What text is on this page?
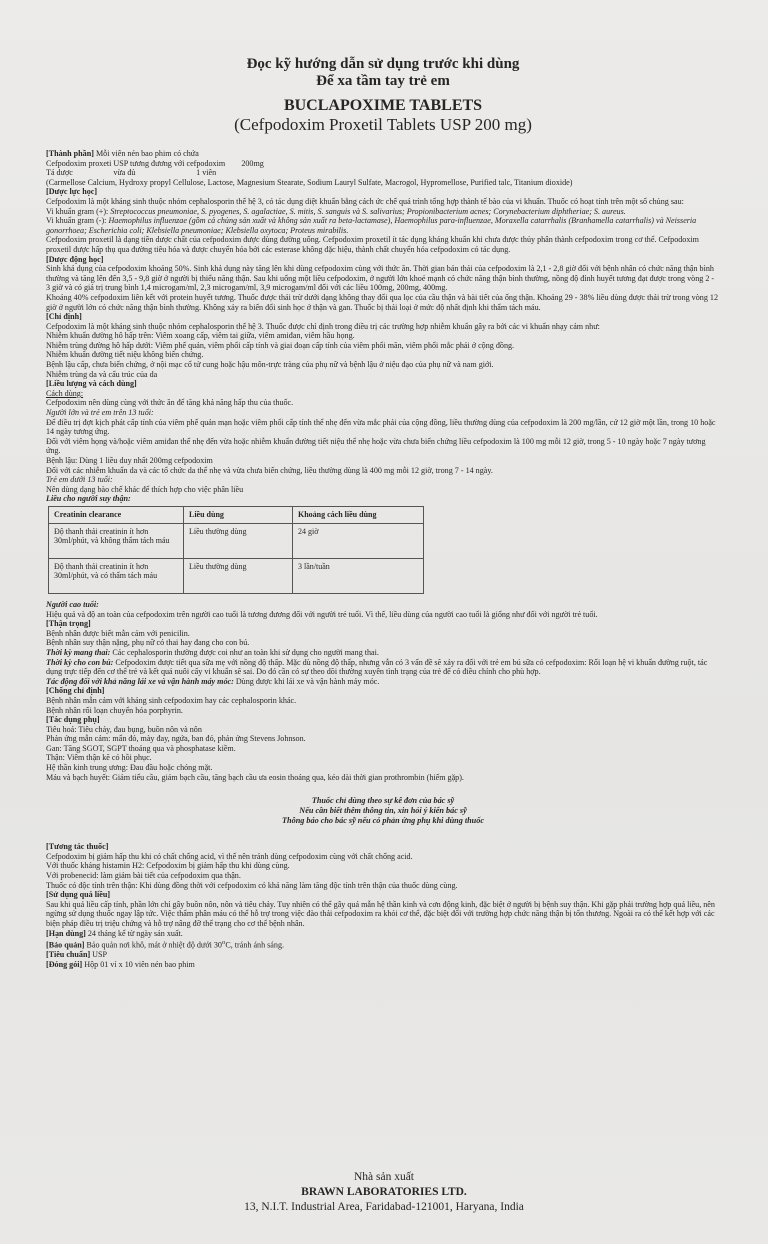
Đọc kỹ hướng dẫn sử dụng trước khi dùng
Để xa tầm tay trẻ em
BUCLAPOXIME TABLETS
(Cefpodoxim Proxetil Tablets USP 200 mg)

[Thành phần] Mỗi viên nén bao phim có chứa

Cefpodoxim proxeti USP tương đương với cefpodoxim        200mg

Tá dược                    vừa đủ                              1 viên

(Carmellose Calcium, Hydroxy propyl Cellulose, Lactose, Magnesium Stearate, Sodium Lauryl Sulfate, Macrogol, Hypromellose, Purified talc, Titanium dioxide)

[Dược lực học]

Cefpodoxim là một kháng sinh thuộc nhóm cephalosporin thế hệ 3, có tác dụng diệt khuẩn bằng cách ức chế quá trình tổng hợp thành tế bào của vi khuẩn. Thuốc có hoạt tính trên một số chủng sau:

Vi khuẩn gram (+): Streptococcus pneumoniae, S. pyogenes, S. agalactiae, S. mitis, S. sanguis và S. salivarius; Propionibacterium acnes; Corynebacterium diphtheriae; S. aureus.

Vi khuẩn gram (-): Haemophilus influenzae (gồm cả chủng sản xuất và không sản xuất ra beta-lactamase), Haemophilus para-influenzae, Moraxella catarrhalis (Branhamella catarrhalis) và Neisseria gonorrhoea; Escherichia coli; Klebsiella pneumoniae; Klebsiella oxytoca; Proteus mirabilis.

Cefpodoxim proxetil là dạng tiền dược chất của cefpodoxim được dùng đường uống. Cefpodoxim proxetil ít tác dụng kháng khuẩn khi chưa được thủy phân thành cefpodoxim trong cơ thể. Cefpodoxim proxetil được hấp thụ qua đường tiêu hóa và được chuyển hóa bởi các esterase không đặc hiệu, thành chất chuyển hóa cefpodoxim có tác dụng.

[Dược động học]

Sinh khả dụng của cefpodoxim khoảng 50%. Sinh khả dụng này tăng lên khi dùng cefpodoxim cùng với thức ăn. Thời gian bán thải của cefpodoxim là 2,1 - 2,8 giờ đối với bệnh nhân có chức năng thận bình thường và tăng lên đến 3,5 - 9,8 giờ ở người bị thiểu năng thận. Sau khi uống một liều cefpodoxim, ở người lớn khoẻ mạnh có chức năng thận bình thường, nồng độ đỉnh huyết tương đạt được trong vòng 2 - 3 giờ và có giá trị trung bình 1,4 microgam/ml, 2,3 microgam/ml, 3,9 microgam/ml đối với các liều 100mg, 200mg, 400mg.

Khoảng 40% cefpodoxim liên kết với protein huyết tương. Thuốc được thải trừ dưới dạng không thay đổi qua lọc của cầu thận và bài tiết của ống thận. Khoảng 29 - 38% liều dùng được thải trừ trong vòng 12 giờ ở người lớn có chức năng thận bình thường. Không xảy ra biến đổi sinh học ở thận và gan. Thuốc bị thải loại ở mức độ nhất định khi thẩm tách máu.

[Chỉ định]

Cefpodoxim là một kháng sinh thuộc nhóm cephalosporin thế hệ 3. Thuốc được chỉ định trong điều trị các trường hợp nhiễm khuẩn gây ra bởi các vi khuẩn nhạy cảm như:

Nhiễm khuẩn đường hô hấp trên: Viêm xoang cấp, viêm tai giữa, viêm amiđan, viêm hầu họng.

Nhiễm trùng đường hô hấp dưới: Viêm phế quản, viêm phổi cấp tính và giai đoạn cấp tính của viêm phổi mãn, viêm phổi mắc phải ở cộng đồng.

Nhiễm khuẩn đường tiết niệu không biến chứng.

Bệnh lậu cấp, chưa biến chứng, ở nội mạc cổ tử cung hoặc hậu môn-trực tràng của phụ nữ và bệnh lậu ở niệu đạo của phụ nữ và nam giới.

Nhiễm trùng da và cấu trúc của da

[Liều lượng và cách dùng]

Cách dùng:

Cefpodoxim nên dùng cùng với thức ăn để tăng khả năng hấp thu của thuốc.

Người lớn và trẻ em trên 13 tuổi:

Để điều trị đợt kịch phát cấp tính của viêm phế quản mạn hoặc viêm phổi cấp tính thể nhẹ đến vừa mắc phải của cộng đồng, liều thường dùng của cefpodoxim là 200 mg/lần, cứ 12 giờ một lần, trong 10 hoặc 14 ngày tương ứng.

Đối với viêm họng và/hoặc viêm amiđan thể nhẹ đến vừa hoặc nhiễm khuẩn đường tiết niệu thể nhẹ hoặc vừa chưa biến chứng liều cefpodoxim là 100 mg mỗi 12 giờ, trong 5 - 10 ngày hoặc 7 ngày tương ứng.

Bệnh lậu: Dùng 1 liều duy nhất 200mg cefpodoxim

Đối với các nhiễm khuẩn da và các tổ chức da thể nhẹ và vừa chưa biến chứng, liều thường dùng là 400 mg mỗi 12 giờ, trong 7 - 14 ngày.

Trẻ em dưới 13 tuổi:

Nên dùng dạng bào chế khác để thích hợp cho việc phân liều

Liều cho người suy thận:

Creatinin clearance	Liều dùng	Khoảng cách liều dùng
Độ thanh thải creatinin ít hơn 30ml/phút, và không thẩm tách máu	Liều thường dùng	24 giờ
Độ thanh thải creatinin ít hơn 30ml/phút, và có thẩm tách máu	Liều thường dùng	3 lần/tuần

Người cao tuổi:

Hiệu quả và độ an toàn của cefpodoxim trên người cao tuổi là tương đương đối với người trẻ tuổi. Vì thế, liều dùng của người cao tuổi là giống như đối với người trẻ tuổi.

[Thận trọng]

Bệnh nhân được biết mẫn cảm với penicilin.

Bệnh nhân suy thận nặng, phụ nữ có thai hay đang cho con bú.

Thời kỳ mang thai: Các cephalosporin thường được coi như an toàn khi sử dụng cho người mang thai.

Thời kỳ cho con bú: Cefpodoxim được tiết qua sữa mẹ với nồng độ thấp. Mặc dù nồng độ thấp, nhưng vẫn có 3 vấn đề sẽ xảy ra đối với trẻ em bú sữa có cefpodoxim: Rối loạn hệ vi khuẩn đường ruột, tác dụng trực tiếp đến cơ thể trẻ và kết quả nuôi cấy vi khuẩn sẽ sai. Do đó cần có sự theo dõi thường xuyên tình trạng của trẻ để có điều chỉnh cho phù hợp.

Tác động đối với khả năng lái xe và vận hành máy móc: Dùng được khi lái xe và vận hành máy móc.

[Chống chỉ định]

Bệnh nhân mẫn cảm với kháng sinh cefpodoxim hay các cephalosporin khác.

Bệnh nhân rối loạn chuyển hóa porphyrin.

[Tác dụng phụ]

Tiêu hoá: Tiêu chảy, đau bụng, buồn nôn và nôn

Phản ứng mẫn cảm: mẩn đỏ, mày đay, ngứa, ban đỏ, phản ứng Stevens Johnson.

Gan: Tăng SGOT, SGPT thoáng qua và phosphatase kiềm.

Thận: Viêm thận kẽ có hồi phục.

Hệ thần kinh trung ương: Đau đầu hoặc chóng mặt.

Máu và bạch huyết: Giảm tiểu cầu, giảm bạch cầu, tăng bạch cầu ưa eosin thoáng qua, kéo dài thời gian prothrombin (hiếm gặp).

Thuốc chỉ dùng theo sự kê đơn của bác sỹ
Nếu cần biết thêm thông tin, xin hỏi ý kiến bác sỹ
Thông báo cho bác sỹ nếu có phản ứng phụ khi dùng thuốc

[Tương tác thuốc]

Cefpodoxim bị giảm hấp thu khi có chất chống acid, vì thế nên tránh dùng cefpodoxim cùng với chất chống acid.

Với thuốc kháng histamin H2: Cefpodoxim bị giảm hấp thu khi dùng cùng.

Với probenecid: làm giảm bài tiết của cefpodoxim qua thận.

Thuốc có độc tính trên thận: Khi dùng đồng thời với cefpodoxim có khả năng làm tăng độc tính trên thận của thuốc dùng cùng.

[Sử dụng quá liều]

Sau khi quá liều cấp tính, phần lớn chỉ gây buồn nôn, nôn và tiêu chảy. Tuy nhiên có thể gây quá mẫn hệ thần kinh và cơn động kinh, đặc biệt ở người bị bệnh suy thận. Khi gặp phải trường hợp quá liều, nên ngừng sử dụng thuốc ngay lập tức. Việc thẩm phân máu có thể hỗ trợ trong việc đào thải cefpodoxim ra khỏi cơ thể, đặc biệt đối với trường hợp chức năng thận bị tổn thương. Ngoài ra có thể kết hợp với các biện pháp điều trị triệu chứng và hỗ trợ nâng đỡ thể trạng cho cơ thể bệnh nhân.

[Hạn dùng] 24 tháng kể từ ngày sản xuất.

[Bảo quản] Bảo quản nơi khô, mát ở nhiệt độ dưới 30$^o$C, tránh ánh sáng.

[Tiêu chuẩn] USP

[Đóng gói] Hộp 01 vỉ x 10 viên nén bao phim

Nhà sản xuất
BRAWN LABORATORIES LTD.
13, N.I.T. Industrial Area, Faridabad-121001, Haryana, India
